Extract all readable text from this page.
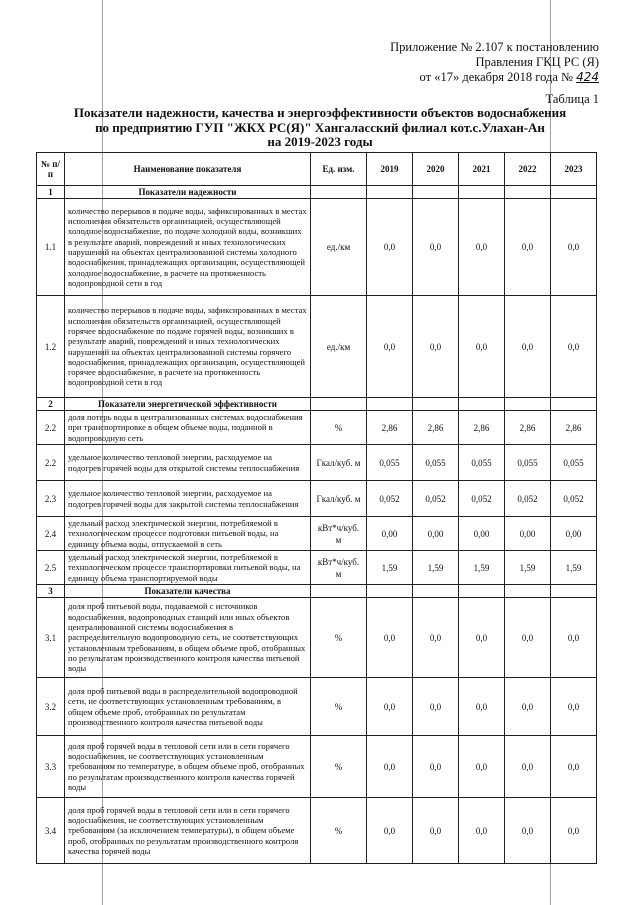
Приложение № 2.107 к постановлению
Правления ГКЦ РС (Я)
от «17» декабря 2018 года № 424
Таблица 1
Показатели надежности, качества и энергоэффективности объектов водоснабжения
по предприятию ГУП "ЖКХ РС(Я)" Хангаласский филиал кот.с.Улахан-Ан
на 2019-2023 годы
№ п/п	Наименование показателя	Ед. изм.	2019	2020	2021	2022	2023
1	Показатели надежности						
1.1	количество перерывов в подаче воды, зафиксированных в местах исполнения обязательств организацией, осуществляющей холодное водоснабжение, по подаче холодной воды, возникших в результате аварий, повреждений и иных технологических нарушений на объектах централизованной системы холодного водоснабжения, принадлежащих организации, осуществляющей холодное водоснабжение, в расчете на протяженность водопроводной сети в год	ед./км	0,0	0,0	0,0	0,0	0,0
1.2	количество перерывов в подаче воды, зафиксированных в местах исполнения обязательств организацией, осуществляющей горячее водоснабжение по подаче горячей воды, возникших в результате аварий, повреждений и иных технологических нарушений на объектах централизованной системы горячего водоснабжения, принадлежащих организации, осуществляющей горячее водоснабжение, в расчете на протяженность водопроводной сети в год	ед./км	0,0	0,0	0,0	0,0	0,0
2	Показатели энергетической эффективности						
2.2	доля потерь воды в централизованных системах водоснабжения при транспортировке в общем объеме воды, поданной в водопроводную сеть	%	2,86	2,86	2,86	2,86	2,86
2.2	удельное количество тепловой энергии, расходуемое на подогрев горячей воды для открытой системы теплоснабжения	Гкал/куб. м	0,055	0,055	0,055	0,055	0,055
2.3	удельное количество тепловой энергии, расходуемое на подогрев горячей воды для закрытой системы теплоснабжения	Гкал/куб. м	0,052	0,052	0,052	0,052	0,052
2.4	удельный расход электрической энергии, потребляемой в технологическом процессе подготовки питьевой воды, на единицу объема воды, отпускаемой в сеть	кВт*ч/куб. м	0,00	0,00	0,00	0,00	0,00
2.5	удельный расход электрической энергии, потребляемой в технологическом процессе транспортировки питьевой воды, на единицу объема транспортируемой воды	кВт*ч/куб. м	1,59	1,59	1,59	1,59	1,59
3	Показатели качества						
3.1	доля проб питьевой воды, подаваемой с источников водоснабжения, водопроводных станций или иных объектов централизованной системы водоснабжения в распределительную водопроводную сеть, не соответствующих установленным требованиям, в общем объеме проб, отобранных по результатам производственного контроля качества питьевой воды	%	0,0	0,0	0,0	0,0	0,0
3.2	доля проб питьевой воды в распределительной водопроводной сети, не соответствующих установленным требованиям, в общем объеме проб, отобранных по результатам производственного контроля качества питьевой воды	%	0,0	0,0	0,0	0,0	0,0
3.3	доля проб горячей воды в тепловой сети или в сети горячего водоснабжения, не соответствующих установленным требованиям по температуре, в общем объеме проб, отобранных по результатам производственного контроля качества горячей воды	%	0,0	0,0	0,0	0,0	0,0
3.4	доля проб горячей воды в тепловой сети или в сети горячего водоснабжения, не соответствующих установленным требованиям (за исключением температуры), в общем объеме проб, отобранных по результатам производственного контроля качества горячей воды	%	0,0	0,0	0,0	0,0	0,0
